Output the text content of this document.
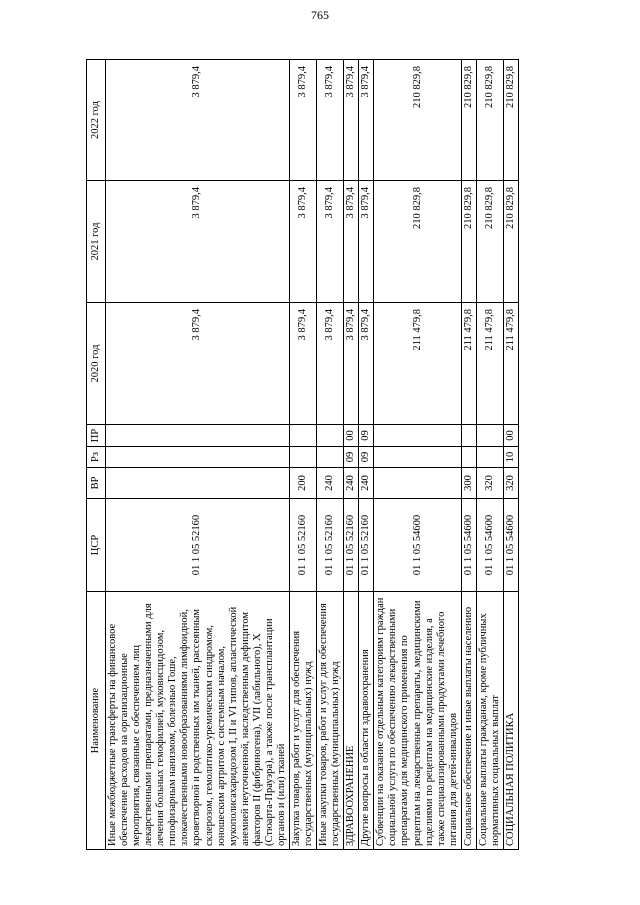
765
Наименование	ЦСР	ВР	Рз	ПР	2020 год	2021 год	2022 год
Иные межбюджетные трансферты на финансовое обеспечение расходов на организационные мероприятия, связанные с обеспечением лиц лекарственными препаратами, предназначенными для лечения больных гемофилией, муковисцидозом, гипофизарным нанизмом, болезнью Гоше, злокачественными новообразованиями лимфоидной, кроветворной и родственных им тканей, рассеянным склерозом, гемолитико-уремическим синдромом, юношеским артритом с системным началом, мукополисахаридозом I, II и VI типов, апластической анемией неуточненной, наследственным дефицитом факторов II (фибриногена), VII (лабильного), X (Стюарта-Прауэра), а также после трансплантации органов и (или) тканей	01 1 05 52160				3 879,4	3 879,4	3 879,4
Закупка товаров, работ и услуг для обеспечения государственных (муниципальных) нужд	01 1 05 52160	200			3 879,4	3 879,4	3 879,4
Иные закупки товаров, работ и услуг для обеспечения государственных (муниципальных) нужд	01 1 05 52160	240			3 879,4	3 879,4	3 879,4
ЗДРАВООХРАНЕНИЕ	01 1 05 52160	240	09	00	3 879,4	3 879,4	3 879,4
Другие вопросы в области здравоохранения	01 1 05 52160	240	09	09	3 879,4	3 879,4	3 879,4
Субвенции на оказание отдельным категориям граждан социальной услуги по обеспечению лекарственными препаратами для медицинского применения по рецептам на лекарственные препараты, медицинскими изделиями по рецептам на медицинские изделия, а также специализированными продуктами лечебного питания для детей-инвалидов	01 1 05 54600				211 479,8	210 829,8	210 829,8
Социальное обеспечение и иные выплаты населению	01 1 05 54600	300			211 479,8	210 829,8	210 829,8
Социальные выплаты гражданам, кроме публичных нормативных социальных выплат	01 1 05 54600	320			211 479,8	210 829,8	210 829,8
СОЦИАЛЬНАЯ ПОЛИТИКА	01 1 05 54600	320	10	00	211 479,8	210 829,8	210 829,8
